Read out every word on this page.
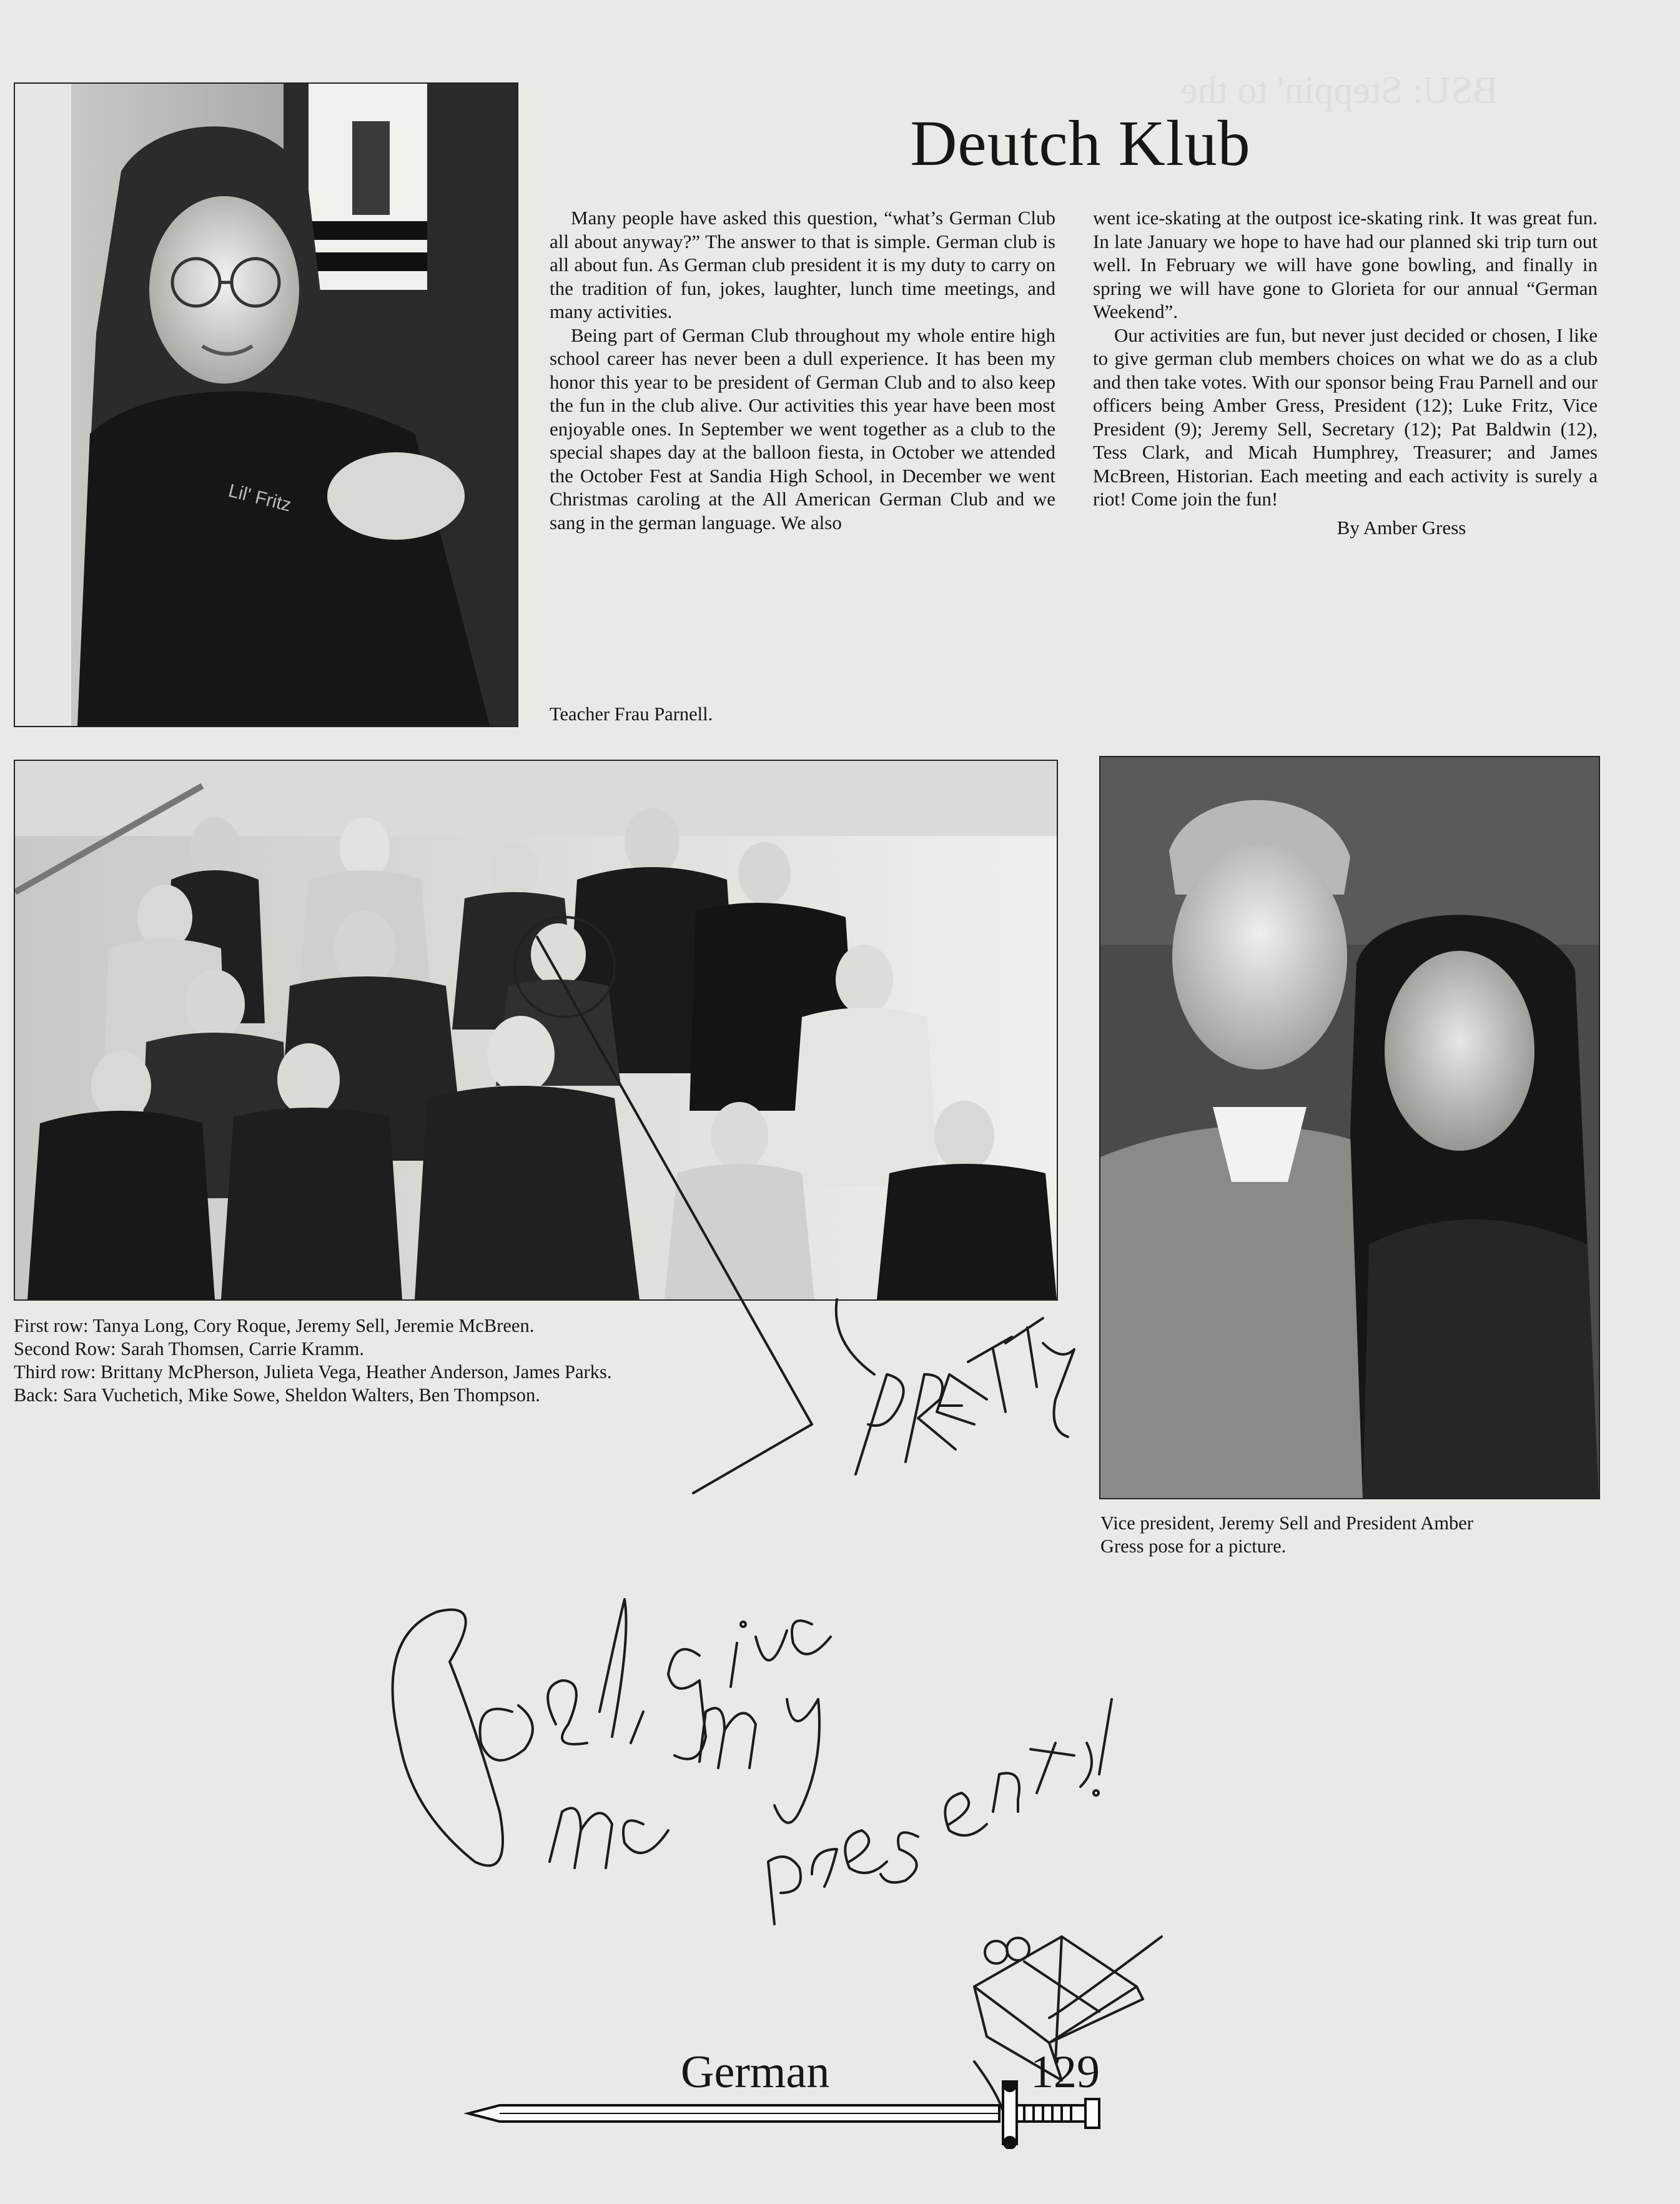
BSU: Steppin' to the
Lil' Fritz
Deutch Klub

Many people have asked this question, “what’s German Club all about anyway?” The answer to that is simple. German club is all about fun. As German club president it is my duty to carry on the tradition of fun, jokes, laughter, lunch time meetings, and many activities.

Being part of German Club throughout my whole entire high school career has never been a dull experience. It has been my honor this year to be president of German Club and to also keep the fun in the club alive. Our activities this year have been most enjoyable ones. In September we went together as a club to the special shapes day at the balloon fiesta, in October we attended the October Fest at Sandia High School, in December we went Christmas caroling at the All American German Club and we sang in the german language. We also

went ice-skating at the outpost ice-skating rink. It was great fun. In late January we hope to have had our planned ski trip turn out well. In February we will have gone bowling, and finally in spring we will have gone to Glorieta for our annual “German Weekend”.

Our activities are fun, but never just decided or chosen, I like to give german club members choices on what we do as a club and then take votes. With our sponsor being Frau Parnell and our officers being Amber Gress, President (12); Luke Fritz, Vice President (9); Jeremy Sell, Secretary (12); Pat Baldwin (12), Tess Clark, and Micah Humphrey, Treasurer; and James McBreen, Historian. Each meeting and each activity is surely a riot! Come join the fun!

By Amber Gress
Teacher Frau Parnell.
First row: Tanya Long, Cory Roque, Jeremy Sell, Jeremie McBreen.
Second Row: Sarah Thomsen, Carrie Kramm.
Third row: Brittany McPherson, Julieta Vega, Heather Anderson, James Parks.
Back: Sara Vuchetich, Mike Sowe, Sheldon Walters, Ben Thompson.
Vice president, Jeremy Sell and President Amber
Gress pose for a picture.
German	129
